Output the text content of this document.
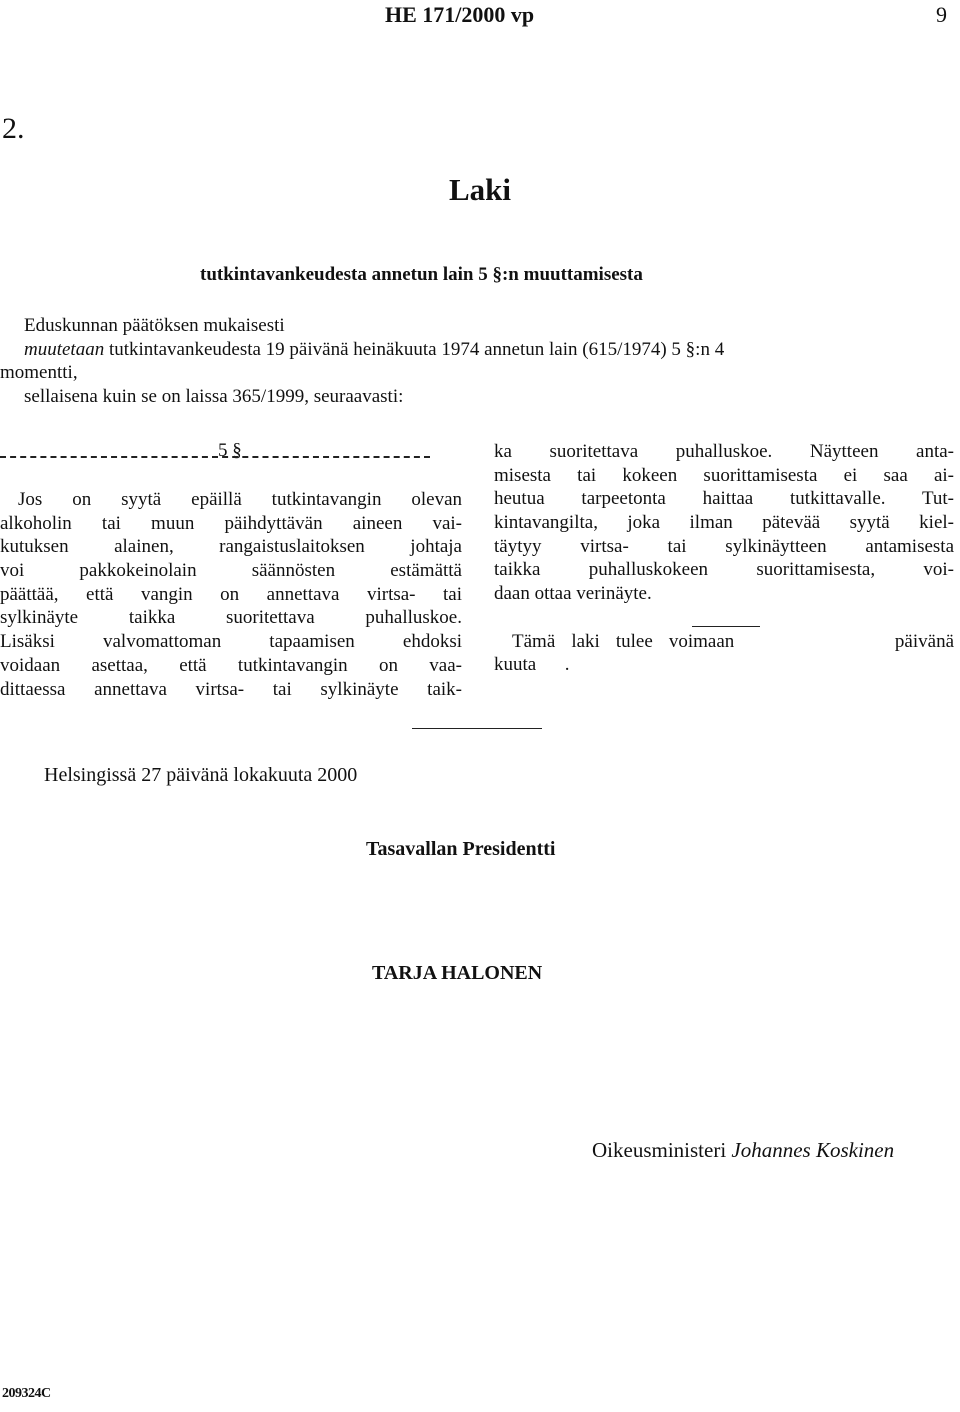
HE 171/2000 vp	9
2.
Laki
tutkintavankeudesta annetun lain 5 §:n muuttamisesta
Eduskunnan päätöksen mukaisesti
muutetaan tutkintavankeudesta 19 päivänä heinäkuuta 1974 annetun lain (615/1974) 5 §:n 4
momentti,
sellaisena kuin se on laissa 365/1999, seuraavasti:
5 §
Jos on syytä epäillä tutkintavangin olevan
alkoholin tai muun päihdyttävän aineen vai-
kutuksen alainen, rangaistuslaitoksen johtaja
voi pakkokeinolain säännösten estämättä
päättää, että vangin on annettava virtsa- tai
sylkinäyte taikka suoritettava puhalluskoe.
Lisäksi valvomattoman tapaamisen ehdoksi
voidaan asettaa, että tutkintavangin on vaa-
dittaessa annettava virtsa- tai sylkinäyte taik-
ka suoritettava puhalluskoe. Näytteen anta-
misesta tai kokeen suorittamisesta ei saa ai-
heutua tarpeetonta haittaa tutkittavalle. Tut-
kintavangilta, joka ilman pätevää syytä kiel-
täytyy virtsa- tai sylkinäytteen antamisesta
taikka puhalluskokeen suorittamisesta, voi-
daan ottaa verinäyte.
Tämä laki tulee voimaan          päivänä
kuuta      .
Helsingissä 27 päivänä lokakuuta 2000
Tasavallan Presidentti
TARJA HALONEN
Oikeusministeri Johannes Koskinen
209324C
